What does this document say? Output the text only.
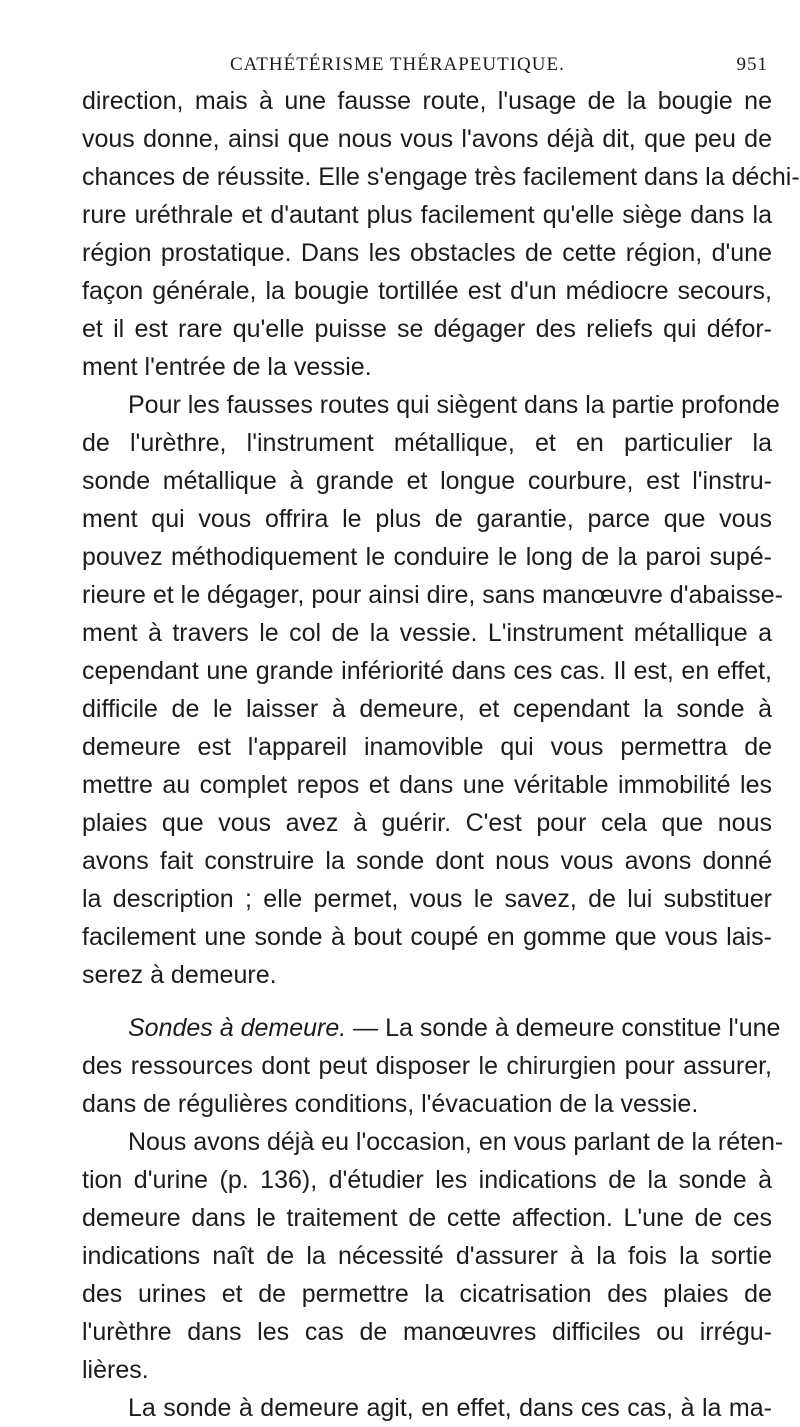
CATHÉTÉRISME THÉRAPEUTIQUE.	951
direction, mais à une fausse route, l'usage de la bougie ne
vous donne, ainsi que nous vous l'avons déjà dit, que peu de
chances de réussite. Elle s'engage très facilement dans la déchi-
rure uréthrale et d'autant plus facilement qu'elle siège dans la
région prostatique. Dans les obstacles de cette région, d'une
façon générale, la bougie tortillée est d'un médiocre secours,
et il est rare qu'elle puisse se dégager des reliefs qui défor-
ment l'entrée de la vessie.
Pour les fausses routes qui siègent dans la partie profonde
de l'urèthre, l'instrument métallique, et en particulier la
sonde métallique à grande et longue courbure, est l'instru-
ment qui vous offrira le plus de garantie, parce que vous
pouvez méthodiquement le conduire le long de la paroi supé-
rieure et le dégager, pour ainsi dire, sans manœuvre d'abaisse-
ment à travers le col de la vessie. L'instrument métallique a
cependant une grande infériorité dans ces cas. Il est, en effet,
difficile de le laisser à demeure, et cependant la sonde à
demeure est l'appareil inamovible qui vous permettra de
mettre au complet repos et dans une véritable immobilité les
plaies que vous avez à guérir. C'est pour cela que nous
avons fait construire la sonde dont nous vous avons donné
la description ; elle permet, vous le savez, de lui substituer
facilement une sonde à bout coupé en gomme que vous lais-
serez à demeure.
Sondes à demeure. — La sonde à demeure constitue l'une
des ressources dont peut disposer le chirurgien pour assurer,
dans de régulières conditions, l'évacuation de la vessie.
Nous avons déjà eu l'occasion, en vous parlant de la réten-
tion d'urine (p. 136), d'étudier les indications de la sonde à
demeure dans le traitement de cette affection. L'une de ces
indications naît de la nécessité d'assurer à la fois la sortie
des urines et de permettre la cicatrisation des plaies de
l'urèthre dans les cas de manœuvres difficiles ou irrégu-
lières.
La sonde à demeure agit, en effet, dans ces cas, à la ma-
